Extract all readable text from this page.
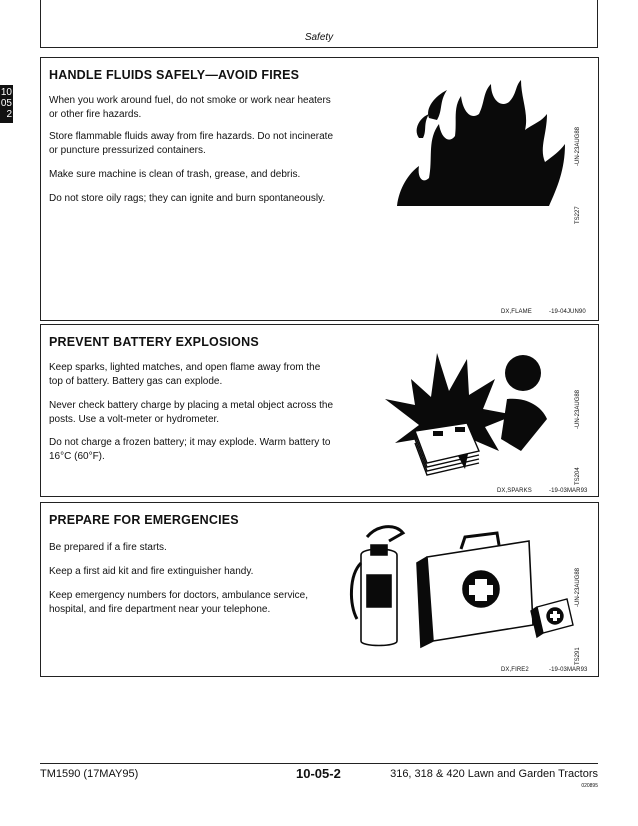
Safety
10
05
2
HANDLE FLUIDS SAFELY—AVOID FIRES
When you work around fuel, do not smoke or work near heaters or other fire hazards.
Store flammable fluids away from fire hazards. Do not incinerate or puncture pressurized containers.
Make sure machine is clean of trash, grease, and debris.
Do not store oily rags; they can ignite and burn spontaneously.
-UN-23AUG88
TS227
DX,FLAME	-19-04JUN90
PREVENT BATTERY EXPLOSIONS
Keep sparks, lighted matches, and open flame away from the top of battery. Battery gas can explode.
Never check battery charge by placing a metal object across the posts. Use a volt-meter or hydrometer.
Do not charge a frozen battery; it may explode. Warm battery to 16°C (60°F).
-UN-23AUG88
TS204
DX,SPARKS	-19-03MAR93
PREPARE FOR EMERGENCIES
Be prepared if a fire starts.
Keep a first aid kit and fire extinguisher handy.
Keep emergency numbers for doctors, ambulance service, hospital, and fire department near your telephone.
-UN-23AUG88
TS291
DX,FIRE2	-19-03MAR93
TM1590 (17MAY95)	10-05-2	316, 318 & 420 Lawn and Garden Tractors
020895
